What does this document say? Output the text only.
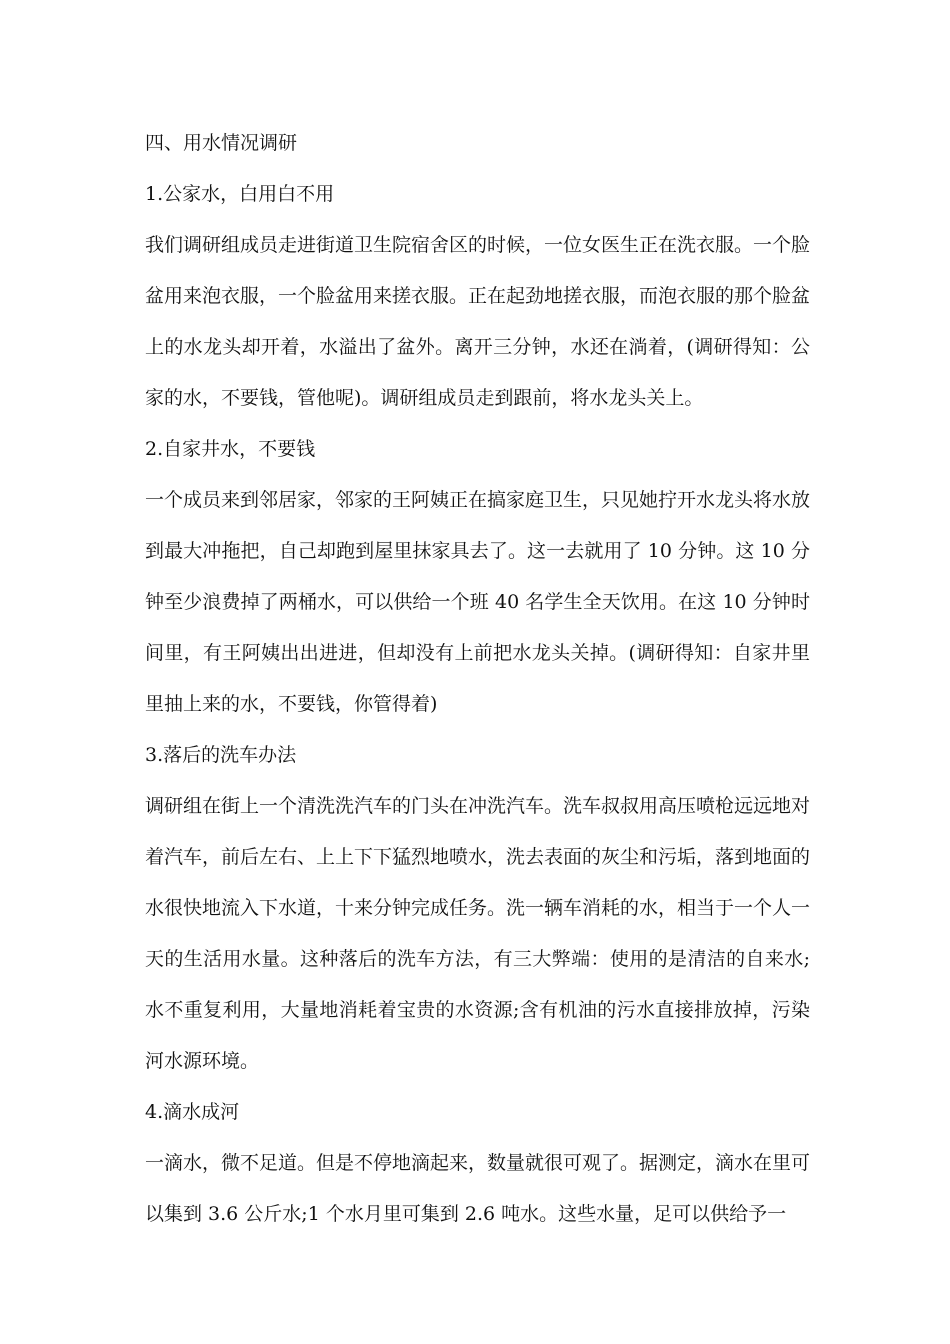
四、用水情况调研

1.公家水，白用白不用

我们调研组成员走进街道卫生院宿舍区的时候，一位女医生正在洗衣服。一个脸盆用来泡衣服，一个脸盆用来搓衣服。正在起劲地搓衣服，而泡衣服的那个脸盆上的水龙头却开着，水溢出了盆外。离开三分钟，水还在淌着，(调研得知：公家的水，不要钱，管他呢)。调研组成员走到跟前，将水龙头关上。

2.自家井水，不要钱

一个成员来到邻居家，邻家的王阿姨正在搞家庭卫生，只见她拧开水龙头将水放到最大冲拖把，自己却跑到屋里抹家具去了。这一去就用了 10 分钟。这 10 分钟至少浪费掉了两桶水，可以供给一个班 40 名学生全天饮用。在这 10 分钟时间里，有王阿姨出出进进，但却没有上前把水龙头关掉。(调研得知：自家井里里抽上来的水，不要钱，你管得着)

3.落后的洗车办法

调研组在街上一个清洗洗汽车的门头在冲洗汽车。洗车叔叔用高压喷枪远远地对着汽车，前后左右、上上下下猛烈地喷水，洗去表面的灰尘和污垢，落到地面的水很快地流入下水道，十来分钟完成任务。洗一辆车消耗的水，相当于一个人一天的生活用水量。这种落后的洗车方法，有三大弊端：使用的是清洁的自来水;水不重复利用，大量地消耗着宝贵的水资源;含有机油的污水直接排放掉，污染河水源环境。

4.滴水成河

一滴水，微不足道。但是不停地滴起来，数量就很可观了。据测定，滴水在里可以集到 3.6 公斤水;1 个水月里可集到 2.6 吨水。这些水量，足可以供给予一
